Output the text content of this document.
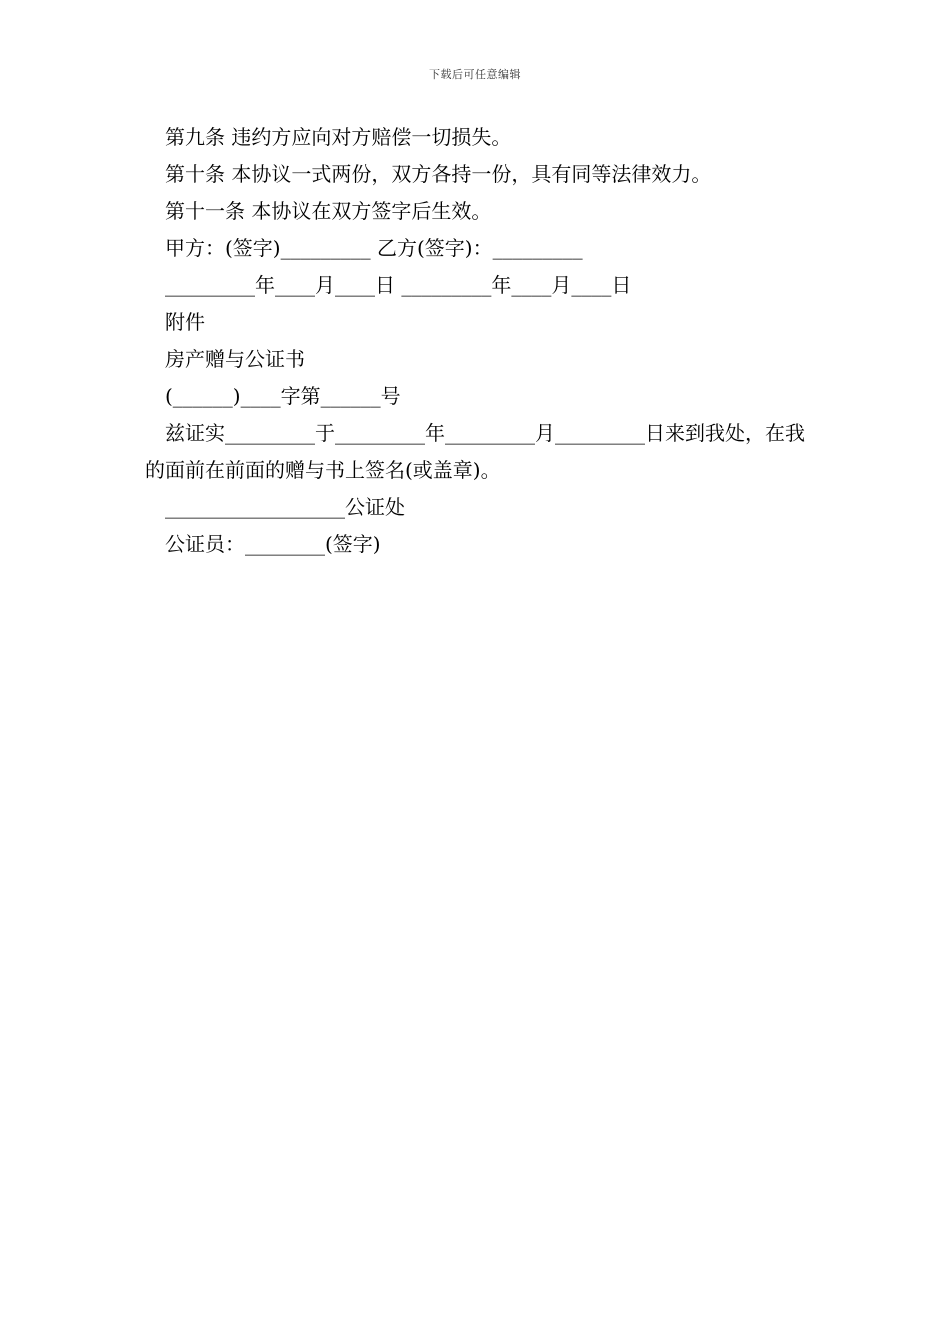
下载后可任意编辑
第九条 违约方应向对方赔偿一切损失。
第十条 本协议一式两份，双方各持一份，具有同等法律效力。
第十一条 本协议在双方签字后生效。
甲方：(签字)_________ 乙方(签字)：_________
_________年____月____日 _________年____月____日
附件
房产赠与公证书
(______)____字第______号
兹证实_________于_________年_________月_________日来到我处，在我的面前在前面的赠与书上签名(或盖章)。
__________________公证处
公证员：________(签字)
